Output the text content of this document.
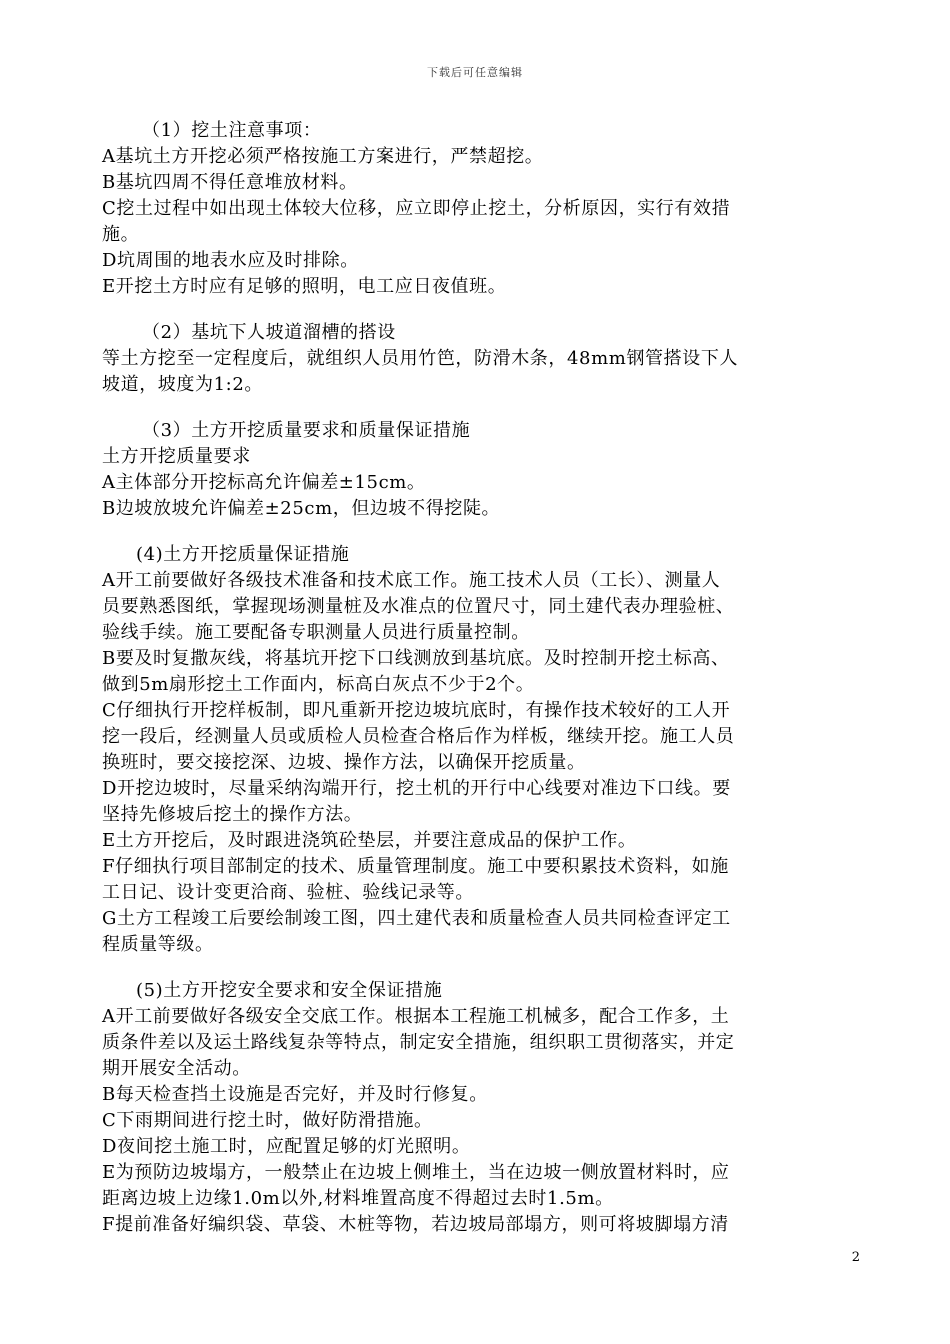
下载后可任意编辑
（1）挖土注意事项：
A基坑土方开挖必须严格按施工方案进行，严禁超挖。
B基坑四周不得任意堆放材料。
C挖土过程中如出现土体较大位移，应立即停止挖土，分析原因，实行有效措
施。
D坑周围的地表水应及时排除。
E开挖土方时应有足够的照明，电工应日夜值班。
（2）基坑下人坡道溜槽的搭设
等土方挖至一定程度后，就组织人员用竹笆，防滑木条，48mm钢管搭设下人
坡道，坡度为1:2。
（3）土方开挖质量要求和质量保证措施
土方开挖质量要求
A主体部分开挖标高允许偏差±15cm。
B边坡放坡允许偏差±25cm，但边坡不得挖陡。
(4)土方开挖质量保证措施
A开工前要做好各级技术准备和技术底工作。施工技术人员（工长）、测量人
员要熟悉图纸，掌握现场测量桩及水准点的位置尺寸，同土建代表办理验桩、
验线手续。施工要配备专职测量人员进行质量控制。
B要及时复撒灰线，将基坑开挖下口线测放到基坑底。及时控制开挖土标高、
做到5m扇形挖土工作面内，标高白灰点不少于2个。
C仔细执行开挖样板制，即凡重新开挖边坡坑底时，有操作技术较好的工人开
挖一段后，经测量人员或质检人员检查合格后作为样板，继续开挖。施工人员
换班时，要交接挖深、边坡、操作方法，以确保开挖质量。
D开挖边坡时，尽量采纳沟端开行，挖土机的开行中心线要对准边下口线。要
坚持先修坡后挖土的操作方法。
E土方开挖后，及时跟进浇筑砼垫层，并要注意成品的保护工作。
F仔细执行项目部制定的技术、质量管理制度。施工中要积累技术资料，如施
工日记、设计变更洽商、验桩、验线记录等。
G土方工程竣工后要绘制竣工图，四土建代表和质量检查人员共同检查评定工
程质量等级。
(5)土方开挖安全要求和安全保证措施
A开工前要做好各级安全交底工作。根据本工程施工机械多，配合工作多，土
质条件差以及运土路线复杂等特点，制定安全措施，组织职工贯彻落实，并定
期开展安全活动。
B每天检查挡土设施是否完好，并及时行修复。
C下雨期间进行挖土时，做好防滑措施。
D夜间挖土施工时，应配置足够的灯光照明。
E为预防边坡塌方，一般禁止在边坡上侧堆土，当在边坡一侧放置材料时，应
距离边坡上边缘1.0m以外,材料堆置高度不得超过去时1.5m。
F提前准备好编织袋、草袋、木桩等物，若边坡局部塌方，则可将坡脚塌方清
2
